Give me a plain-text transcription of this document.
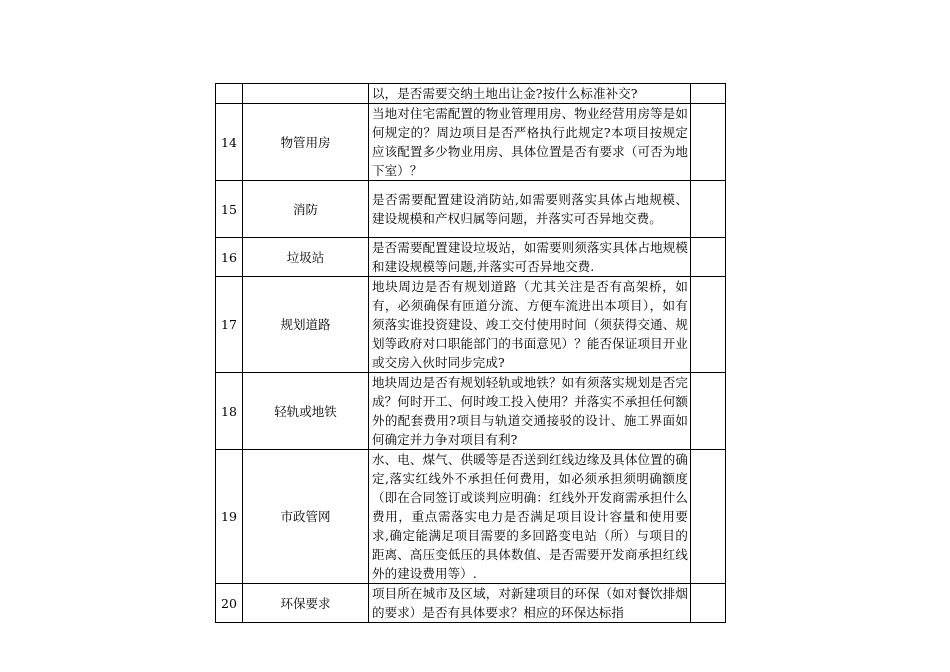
		以，是否需要交纳土地出让金?按什么标准补交?	
14	物管用房	当地对住宅需配置的物业管理用房、物业经营用房等是如何规定的？周边项目是否严格执行此规定?本项目按规定应该配置多少物业用房、具体位置是否有要求（可否为地下室）？	
15	消防	是否需要配置建设消防站,如需要则落实具体占地规模、建设规模和产权归属等问题，并落实可否异地交费。	
16	垃圾站	是否需要配置建设垃圾站，如需要则须落实具体占地规模和建设规模等问题,并落实可否异地交费.	
17	规划道路	地块周边是否有规划道路（尤其关注是否有高架桥，如有，必须确保有匝道分流、方便车流进出本项目），如有须落实谁投资建设、竣工交付使用时间（须获得交通、规划等政府对口职能部门的书面意见）？能否保证项目开业或交房入伙时同步完成?	
18	轻轨或地铁	地块周边是否有规划轻轨或地铁？如有须落实规划是否完成？何时开工、何时竣工投入使用？并落实不承担任何额外的配套费用?项目与轨道交通接驳的设计、施工界面如何确定并力争对项目有利?	
19	市政管网	水、电、煤气、供暖等是否送到红线边缘及具体位置的确定,落实红线外不承担任何费用，如必须承担须明确额度（即在合同签订或谈判应明确：红线外开发商需承担什么费用，重点需落实电力是否满足项目设计容量和使用要求,确定能满足项目需要的多回路变电站（所）与项目的距离、高压变低压的具体数值、是否需要开发商承担红线外的建设费用等）.	
20	环保要求	项目所在城市及区域，对新建项目的环保（如对餐饮排烟的要求）是否有具体要求？相应的环保达标指	
